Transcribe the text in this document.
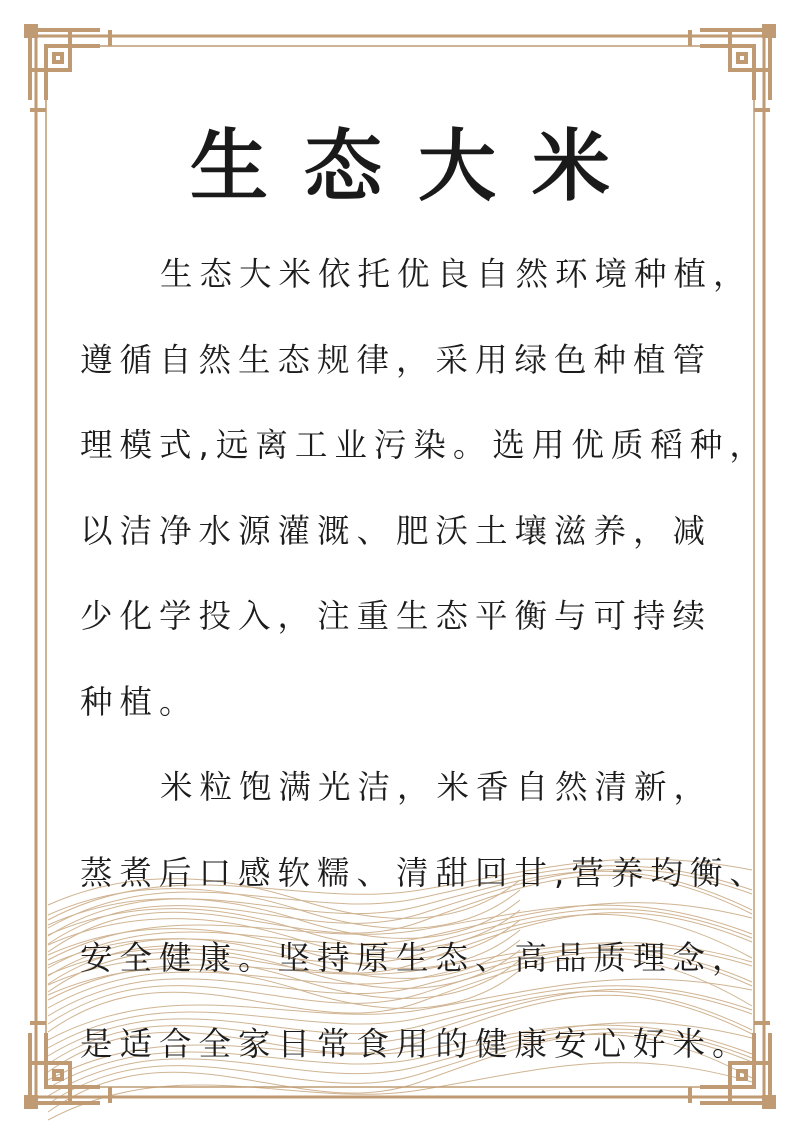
生态大米
生态大米依托优良自然环境种植，
遵循自然生态规律，采用绿色种植管
理模式,远离工业污染。选用优质稻种，
以洁净水源灌溉、肥沃土壤滋养，减
少化学投入，注重生态平衡与可持续
种植。
米粒饱满光洁，米香自然清新，
蒸煮后口感软糯、清甜回甘,营养均衡、
安全健康。坚持原生态、高品质理念，
是适合全家日常食用的健康安心好米。
